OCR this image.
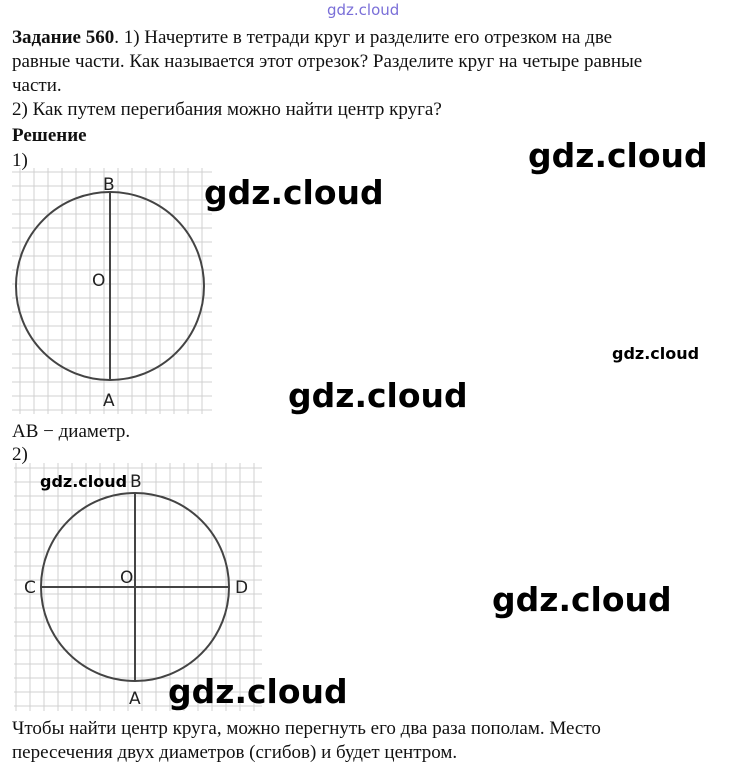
gdz.cloud
Задание 560. 1) Начертите в тетради круг и разделите его отрезком на две
равные части. Как называется этот отрезок? Разделите круг на четыре равные
части.
2) Как путем перегибания можно найти центр круга?
Решение
1)
B
O
A
AB − диаметр.
2)
B
O
A
C	D
Чтобы найти центр круга, можно перегнуть его два раза пополам. Место
пересечения двух диаметров (сгибов) и будет центром.
gdz.cloud
gdz.cloud
gdz.cloud
gdz.cloud
gdz.cloud
gdz.cloud
gdz.cloud
